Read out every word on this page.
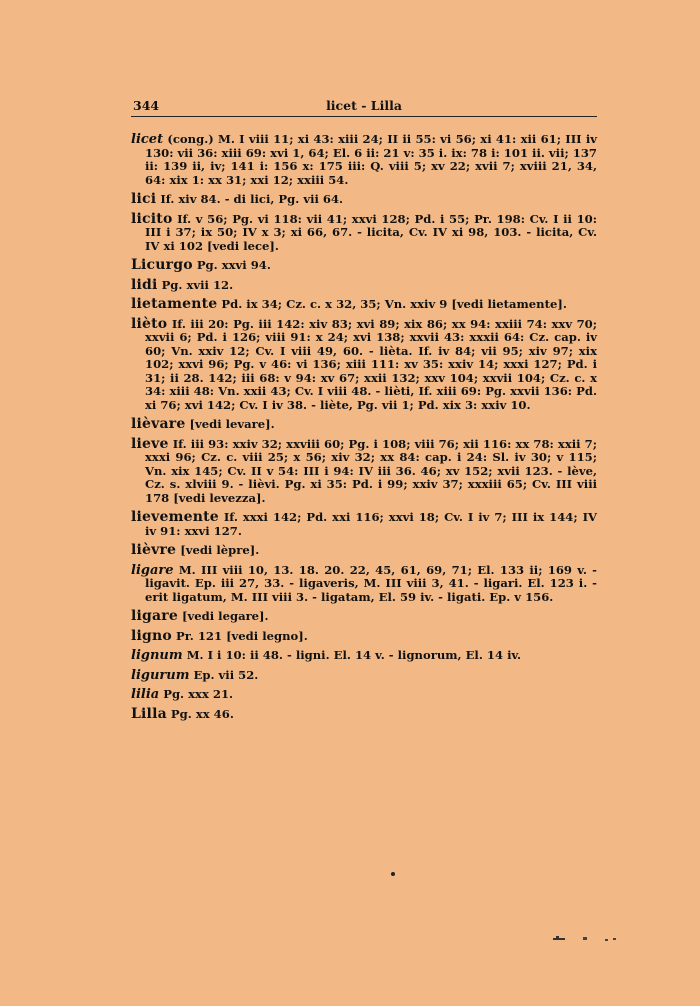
344	licet - Lilla
licet (cong.) M. I viii 11; xi 43: xiii 24; II ii 55: vi 56; xi 41: xii 61; III iv 130: vii 36: xiii 69: xvi 1, 64; El. 6 ii: 21 v: 35 i. ix: 78 i: 101 ii. vii; 137 ii: 139 ii, iv; 141 i: 156 x: 175 iii: Q. viii 5; xv 22; xvii 7; xviii 21, 34, 64: xix 1: xx 31; xxi 12; xxiii 54.
lici If. xiv 84. - di lici, Pg. vii 64.
licito If. v 56; Pg. vi 118: vii 41; xxvi 128; Pd. i 55; Pr. 198: Cv. I ii 10: III i 37; ix 50; IV x 3; xi 66, 67. - licita, Cv. IV xi 98, 103. - licita, Cv. IV xi 102 [vedi lece].
Licurgo Pg. xxvi 94.
lidi Pg. xvii 12.
lietamente Pd. ix 34; Cz. c. x 32, 35; Vn. xxiv 9 [vedi lietamente].
lièto If. iii 20: Pg. iii 142: xiv 83; xvi 89; xix 86; xx 94: xxiii 74: xxv 70; xxvii 6; Pd. i 126; viii 91: x 24; xvi 138; xxvii 43: xxxii 64: Cz. cap. iv 60; Vn. xxiv 12; Cv. I viii 49, 60. - lièta. If. iv 84; vii 95; xiv 97; xix 102; xxvi 96; Pg. v 46: vi 136; xiii 111: xv 35: xxiv 14; xxxi 127; Pd. i 31; ii 28. 142; iii 68: v 94: xv 67; xxii 132; xxv 104; xxvii 104; Cz. c. x 34: xiii 48: Vn. xxii 43; Cv. I viii 48. - lièti, If. xiii 69: Pg. xxvii 136: Pd. xi 76; xvi 142; Cv. I iv 38. - liète, Pg. vii 1; Pd. xix 3: xxiv 10.
lièvare [vedi levare].
lieve If. iii 93: xxiv 32; xxviii 60; Pg. i 108; viii 76; xii 116: xx 78: xxii 7; xxxi 96; Cz. c. viii 25; x 56; xiv 32; xx 84: cap. i 24: Sl. iv 30; v 115; Vn. xix 145; Cv. II v 54: III i 94: IV iii 36. 46; xv 152; xvii 123. - lève, Cz. s. xlviii 9. - lièvi. Pg. xi 35: Pd. i 99; xxiv 37; xxxiii 65; Cv. III viii 178 [vedi levezza].
lievemente If. xxxi 142; Pd. xxi 116; xxvi 18; Cv. I iv 7; III ix 144; IV iv 91: xxvi 127.
lièvre [vedi lèpre].
ligare M. III viii 10, 13. 18. 20. 22, 45, 61, 69, 71; El. 133 ii; 169 v. - ligavit. Ep. iii 27, 33. - ligaveris, M. III viii 3, 41. - ligari. El. 123 i. - erit ligatum, M. III viii 3. - ligatam, El. 59 iv. - ligati. Ep. v 156.
ligare [vedi legare].
ligno Pr. 121 [vedi legno].
lignum M. I i 10: ii 48. - ligni. El. 14 v. - lignorum, El. 14 iv.
ligurum Ep. vii 52.
lilia Pg. xxx 21.
Lilla Pg. xx 46.
